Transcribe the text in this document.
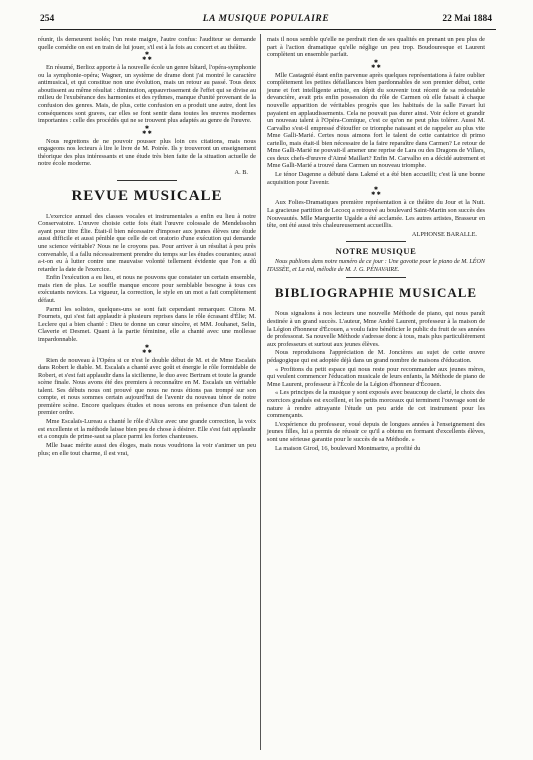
254	LA MUSIQUE POPULAIRE	22 Mai 1884

réunir, ils demeurent isolés; l'un reste maigre, l'autre confus: l'auditeur se demande quelle comédie on est en train de lui jouer, s'il est à la fois au concert et au théâtre.

✱
✱ ✱

En résumé, Berlioz apporte à la nouvelle école un genre bâtard, l'opéra-symphonie ou la symphonie-opéra; Wagner, un système de drame dont j'ai montré le caractère antimusical, et qui constitue non une évolution, mais un retour au passé. Tous deux aboutissent au même résultat : diminution, appauvrissement de l'effet qui se divise au milieu de l'exubérance des harmonies et des rythmes, manque d'unité provenant de la confusion des genres. Mais, de plus, cette confusion en a produit une autre, dont les conséquences sont graves, car elles se font sentir dans toutes les œuvres modernes importantes : celle des procédés qui ne se trouvent plus adaptés au genre de l'œuvre.

✱
✱ ✱

Nous regrettons de ne pouvoir pousser plus loin ces citations, mais nous engageons nos lecteurs à lire le livre de M. Poirée. Ils y trouveront un enseignement théorique des plus intéressants et une étude très bien faite de la situation actuelle de notre école moderne.

A. B.
REVUE MUSICALE

L'exercice annuel des classes vocales et instrumentales a enfin eu lieu à notre Conservatoire. L'œuvre choisie cette fois était l'œuvre colossale de Mendelssohn ayant pour titre Élie. Était-il bien nécessaire d'imposer aux jeunes élèves une étude aussi difficile et aussi pénible que celle de cet oratorio d'une exécution qui demande une science véritable? Nous ne le croyons pas. Pour arriver à un résultat à peu près convenable, il a fallu nécessairement prendre du temps sur les études courantes; aussi a-t-on eu à lutter contre une mauvaise volonté tellement évidente que l'on a dû retarder la date de l'exercice.

Enfin l'exécution a eu lieu, et nous ne pouvons que constater un certain ensemble, mais rien de plus. Le souffle manque encore pour semblable besogne à tous ces exécutants novices. La vigueur, la correction, le style en un mot a fait complètement défaut.

Parmi les solistes, quelques-uns se sont fait cependant remarquer. Citons M. Fournets, qui s'est fait applaudir à plusieurs reprises dans le rôle écrasant d'Élie; M. Leclere qui a bien chanté : Dieu te donne un cœur sincère, et MM. Jouhanet, Selin, Claverie et Desmet. Quant à la partie féminine, elle a chanté avec une mollesse impardonnable.

✱
✱ ✱

Rien de nouveau à l'Opéra si ce n'est le double début de M. et de Mme Escalaïs dans Robert le diable. M. Escalaïs a chanté avec goût et énergie le rôle formidable de Robert, et s'est fait applaudir dans la sicilienne, le duo avec Bertram et toute la grande scène finale. Nous avons été des premiers à reconnaître en M. Escalaïs un véritable talent. Ses débuts nous ont prouvé que nous ne nous étions pas trompé sur son compte, et nous sommes certain aujourd'hui de l'avenir du nouveau ténor de notre première scène. Encore quelques études et nous serons en présence d'un talent de premier ordre.

Mme Escalaïs-Lureau a chanté le rôle d'Alice avec une grande correction, la voix est excellente et la méthode laisse bien peu de chose à désirer. Elle s'est fait applaudir et a conquis de prime-saut sa place parmi les fortes chanteuses.

Mlle Isaac mérite aussi des éloges, mais nous voudrions la voir s'animer un peu plus; en elle tout charme, il est vrai,

mais il nous semble qu'elle ne perdrait rien de ses qualités en prenant un peu plus de part à l'action dramatique qu'elle néglige un peu trop. Boudouresque et Laurent complètent un ensemble parfait.

✱
✱ ✱

Mlle Castagnié étant enfin parvenue après quelques représentations à faire oublier complètement les petites défaillances bien pardonnables de son premier début, cette jeune et fort intelligente artiste, en dépit du souvenir tout récent de sa redoutable devancière, avait pris enfin possession du rôle de Carmen où elle faisait à chaque nouvelle apparition de véritables progrès que les habitués de la salle Favart lui payaient en applaudissements. Cela ne pouvait pas durer ainsi. Voir éclore et grandir un nouveau talent à l'Opéra-Comique, c'est ce qu'on ne peut plus tolérer. Aussi M. Carvalho s'est-il empressé d'étouffer ce triomphe naissant et de rappeler au plus vite Mme Galli-Marié. Certes nous aimons fort le talent de cette cantatrice di primo cartello, mais était-il bien nécessaire de la faire reparaître dans Carmen? Le retour de Mme Galli-Marié ne pouvait-il amener une reprise de Lara ou des Dragons de Villars, ces deux chefs-d'œuvre d'Aimé Maillart? Enfin M. Carvalho en a décidé autrement et Mme Galli-Marié a trouvé dans Carmen un nouveau triomphe.

Le ténor Dagenne a débuté dans Lakmé et a été bien accueilli; c'est là une bonne acquisition pour l'avenir.

✱
✱ ✱

Aux Folies-Dramatiques première représentation à ce théâtre du Jour et la Nuit. La gracieuse partition de Lecocq a retrouvé au boulevard Saint-Martin son succès des Nouveautés. Mlle Marguerite Ugalde a été acclamée. Les autres artistes, Brasseur en tête, ont été aussi très chaleureusement accueillis.

ALPHONSE BARALLE.
NOTRE MUSIQUE

Nous publions dans notre numéro de ce jour : Une gavotte pour le piano de M. LÉON ITASSÈE, et La nid, mélodie de M. J. G. PÉNAVAIRE.

BIBLIOGRAPHIE MUSICALE

Nous signalons à nos lecteurs une nouvelle Méthode de piano, qui nous paraît destinée à un grand succès. L'auteur, Mme André Laurent, professeur à la maison de la Légion d'honneur d'Écouen, a voulu faire bénéficier le public du fruit de ses années de professorat. Sa nouvelle Méthode s'adresse donc à tous, mais plus particulièrement aux professeurs et surtout aux jeunes élèves.

Nous reproduisons l'appréciation de M. Joncières au sujet de cette œuvre pédagogique qui est adoptée déjà dans un grand nombre de maisons d'éducation.

« Profitons du petit espace qui nous reste pour recommander aux jeunes mères, qui veulent commencer l'éducation musicale de leurs enfants, la Méthode de piano de Mme Laurent, professeur à l'École de la Légion d'honneur d'Écouen.

« Les principes de la musique y sont exposés avec beaucoup de clarté, le choix des exercices gradués est excellent, et les petits morceaux qui terminent l'ouvrage sont de nature à rendre attrayante l'étude un peu aride de cet instrument pour les commençants.

L'expérience du professeur, voué depuis de longues années à l'enseignement des jeunes filles, lui a permis de réussir ce qu'il a obtenu en formant d'excellents élèves, sont une sérieuse garantie pour le succès de sa Méthode. »

La maison Girod, 16, boulevard Montmartre, a profité du
